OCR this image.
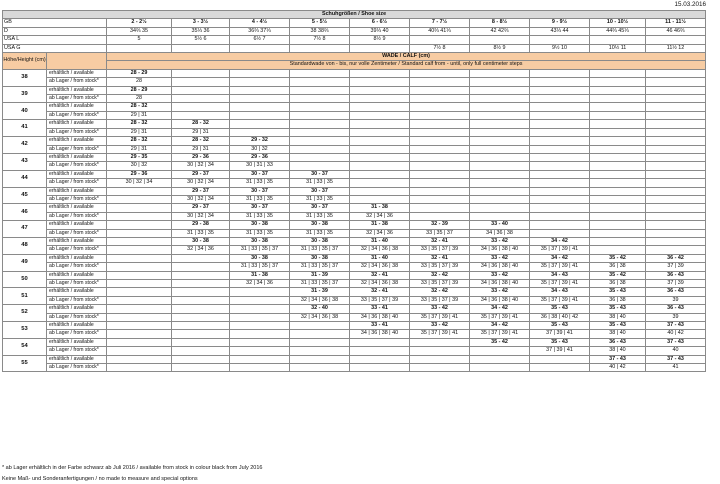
15.03.2016
Schuhgrößen / Shoe size											
GB		2 - 2½	3 - 3½	4 - 4½	5 - 5½	6 - 6½	7 - 7½	8 - 8½	9 - 9½	10 - 10½	11 - 11½
D		34⅔ 35	35⅓ 36	36⅔ 37⅓	38 38⅔	39⅓ 40	40⅔ 41⅓	42 42⅔	43⅓ 44	44⅔ 45⅓	46 46⅔
USA L		5	5½ 6	6½ 7	7½ 8	8½ 9					
USA G							7½ 8	8½ 9	9½ 10	10½ 11	11½ 12
Höhe/Height (cm)		WADE / CALF (cm)									
		Standardwade von - bis, nur volle Zentimeter / Standard calf from - until, only full centimeter steps									
38	erhältlich / available	28 - 29									
	ab Lager / from stock*	28									
39	erhältlich / available	28 - 29									
	ab Lager / from stock*	28									
40	erhältlich / available	28 - 32									
	ab Lager / from stock*	29 | 31									
41	erhältlich / available	28 - 32	28 - 32								
	ab Lager / from stock*	29 | 31	29 | 31								
42	erhältlich / available	28 - 32	28 - 32	29 - 32							
	ab Lager / from stock*	29 | 31	29 | 31	30 | 32							
43	erhältlich / available	29 - 35	29 - 36	29 - 36							
	ab Lager / from stock*	30 | 32	30 | 32 | 34	30 | 31 | 33							
44	erhältlich / available	29 - 36	29 - 37	30 - 37	30 - 37						
	ab Lager / from stock*	30 | 32 | 34	30 | 32 | 34	31 | 33 | 35	31 | 33 | 35						
45	erhältlich / available		29 - 37	30 - 37	30 - 37						
	ab Lager / from stock*		30 | 32 | 34	31 | 33 | 35	31 | 33 | 35						
46	erhältlich / available		29 - 37	30 - 37	30 - 37	31 - 38					
	ab Lager / from stock*		30 | 32 | 34	31 | 33 | 35	31 | 33 | 35	32 | 34 | 36					
47	erhältlich / available		29 - 38	30 - 38	30 - 38	31 - 38	32 - 39	33 - 40			
	ab Lager / from stock*		31 | 33 | 35	31 | 33 | 35	31 | 33 | 35	32 | 34 | 36	33 | 35 | 37	34 | 36 | 38			
48	erhältlich / available		30 - 38	30 - 38	30 - 38	31 - 40	32 - 41	33 - 42	34 - 42		
	ab Lager / from stock*		32 | 34 | 36	31 | 33 | 35 | 37	31 | 33 | 35 | 37	32 | 34 | 36 | 38	33 | 35 | 37 | 39	34 | 36 | 38 | 40	35 | 37 | 39 | 41		
49	erhältlich / available			30 - 38	30 - 38	31 - 40	32 - 41	33 - 42	34 - 42	35 - 42	36 - 42
	ab Lager / from stock*			31 | 33 | 35 | 37	31 | 33 | 35 | 37	32 | 34 | 36 | 38	33 | 35 | 37 | 39	34 | 36 | 38 | 40	35 | 37 | 39 | 41	36 | 38	37 | 39
50	erhältlich / available			31 - 38	31 - 39	32 - 41	32 - 42	33 - 42	34 - 43	35 - 42	36 - 43
	ab Lager / from stock*			32 | 34 | 36	31 | 33 | 35 | 37	32 | 34 | 36 | 38	33 | 35 | 37 | 39	34 | 36 | 38 | 40	35 | 37 | 39 | 41	36 | 38	37 | 39
51	erhältlich / available				31 - 39	32 - 41	32 - 42	33 - 42	34 - 43	35 - 43	36 - 43
	ab Lager / from stock*				32 | 34 | 36 | 38	33 | 35 | 37 | 39	33 | 35 | 37 | 39	34 | 36 | 38 | 40	35 | 37 | 39 | 41	36 | 38	39
52	erhältlich / available				32 - 40	33 - 41	33 - 42	34 - 42	35 - 43	35 - 43	36 - 43
	ab Lager / from stock*				32 | 34 | 36 | 38	34 | 36 | 38 | 40	35 | 37 | 39 | 41	35 | 37 | 39 | 41	36 | 38 | 40 | 42	38 | 40	39
53	erhältlich / available					33 - 41	33 - 42	34 - 42	35 - 43	35 - 43	37 - 43
	ab Lager / from stock*					34 | 36 | 38 | 40	35 | 37 | 39 | 41	35 | 37 | 39 | 41	37 | 39 | 41	38 | 40	40 | 42
54	erhältlich / available							35 - 42	35 - 43	36 - 43	37 - 43
	ab Lager / from stock*								37 | 39 | 41	38 | 40	40
55	erhältlich / available									37 - 43	37 - 43
	ab Lager / from stock*									40 | 42	41
* ab Lager erhältlich in der Farbe schwarz ab Juli 2016 / available from stock in colour black from July 2016
Keine Maß- und Sonderanfertigungen / no made to measure and special options
